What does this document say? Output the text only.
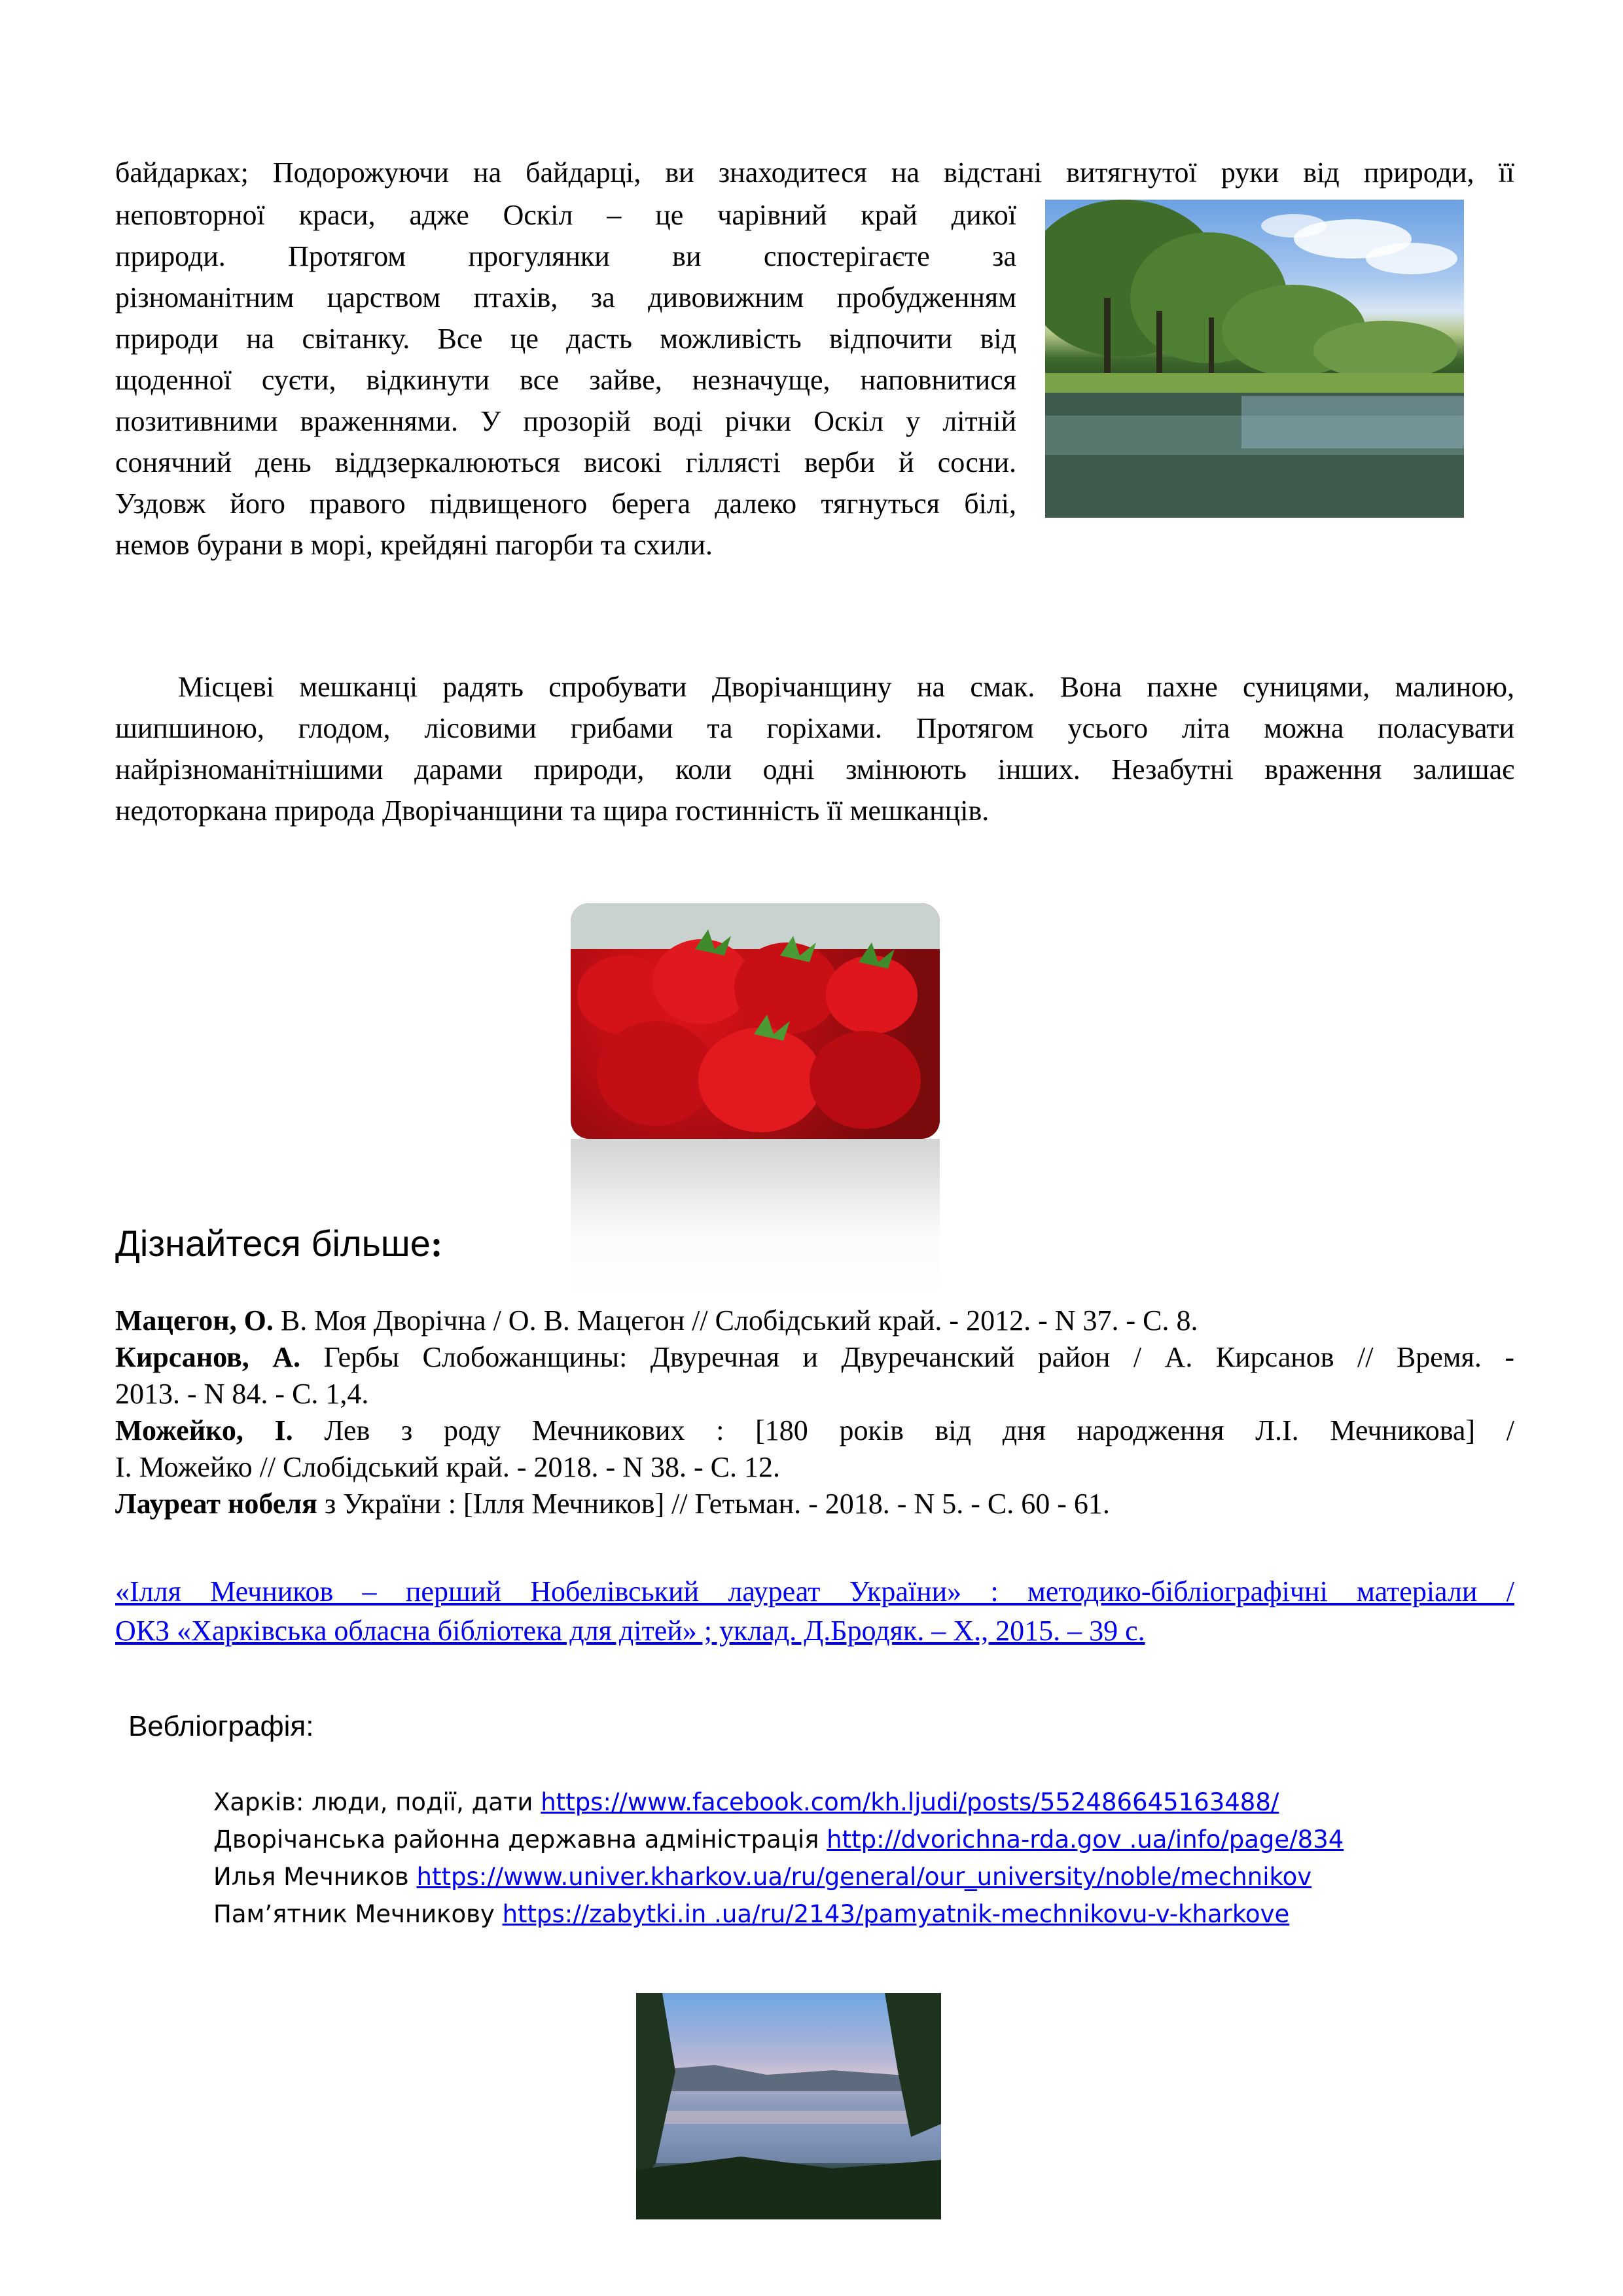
байдарках; Подорожуючи на байдарці, ви знаходитеся на відстані витягнутої руки від природи, її
неповторної краси, адже Оскіл – це чарівний край дикої
природи. Протягом прогулянки ви спостерігаєте за
різноманітним царством птахів, за дивовижним пробудженням
природи на світанку. Все це дасть можливість відпочити від
щоденної суєти, відкинути все зайве, незначуще, наповнитися
позитивними враженнями. У прозорій воді річки Оскіл у літній
сонячний день віддзеркалюються високі гіллясті верби й сосни.
Уздовж його правого підвищеного берега далеко тягнуться білі,
немов бурани в морі, крейдяні пагорби та схили.
Місцеві мешканці радять спробувати Дворічанщину на смак. Вона пахне суницями, малиною,
шипшиною, глодом, лісовими грибами та горіхами. Протягом усього літа можна поласувати
найрізноманітнішими дарами природи, коли одні змінюють інших. Незабутні враження залишає
недоторкана природа Дворічанщини та щира гостинність її мешканців.
Дізнайтеся більше:
Мацегон, О. В. Моя Дворічна / О. В. Мацегон // Слобідський край. - 2012. - N 37. - С. 8.
Кирсанов, А. Гербы Слобожанщины: Двуречная и Двуречанский район / А. Кирсанов // Время. -
2013. - N 84. - С. 1,4.
Можейко, І. Лев з роду Мечникових : [180 років від дня народження Л.І. Мечникова] /
І. Можейко // Слобідський край. - 2018. - N 38. - С. 12.
Лауреат нобеля з України : [Ілля Мечников] // Гетьман. - 2018. - N 5. - С. 60 - 61.
«Ілля Мечников – перший Нобелівський лауреат України» : методико-бібліографічні матеріали /
ОКЗ «Харківська обласна бібліотека для дітей» ; уклад. Д.Бродяк. – Х., 2015. – 39 с.
Вебліографія:
Харків: люди, події, дати https://www.facebook.com/kh.ljudi/posts/552486645163488/
Дворічанська районна державна адміністрація http://dvorichna-rda.gov .ua/info/page/834
Илья Мечников https://www.univer.kharkov.ua/ru/general/our_university/noble/mechnikov
Пам’ятник Мечникову https://zabytki.in .ua/ru/2143/pamyatnik-mechnikovu-v-kharkove
